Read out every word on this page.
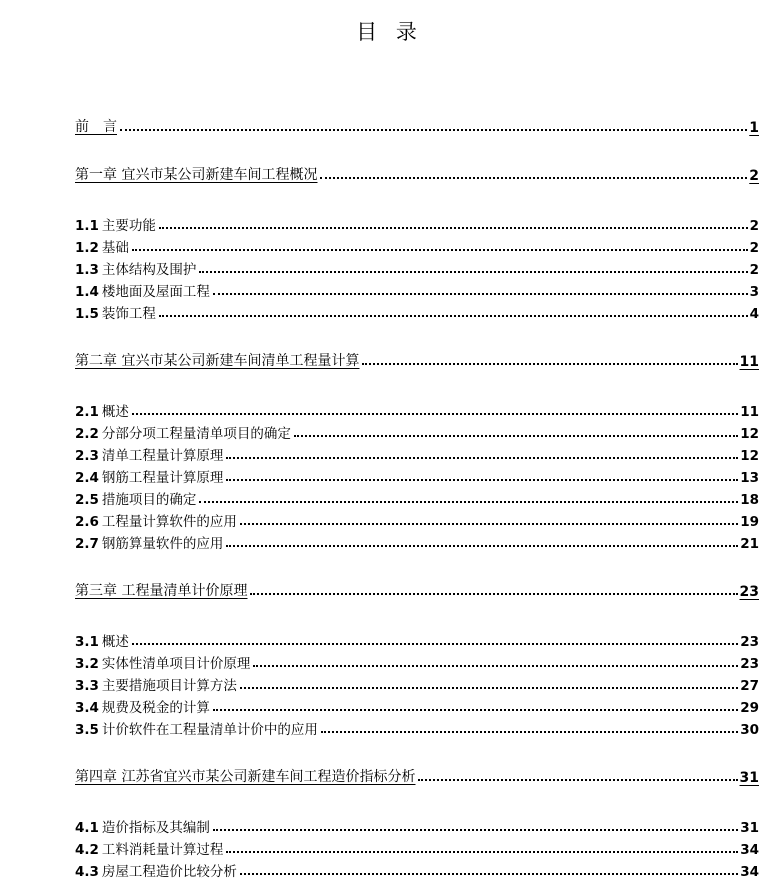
目 录
前　言	1
第一章 宜兴市某公司新建车间工程概况	2
1.1 主要功能	2
1.2 基础	2
1.3 主体结构及围护	2
1.4 楼地面及屋面工程	3
1.5 装饰工程	4
第二章 宜兴市某公司新建车间清单工程量计算	11
2.1 概述	11
2.2 分部分项工程量清单项目的确定	12
2.3 清单工程量计算原理	12
2.4 钢筋工程量计算原理	13
2.5 措施项目的确定	18
2.6 工程量计算软件的应用	19
2.7 钢筋算量软件的应用	21
第三章 工程量清单计价原理	23
3.1 概述	23
3.2 实体性清单项目计价原理	23
3.3 主要措施项目计算方法	27
3.4 规费及税金的计算	29
3.5 计价软件在工程量清单计价中的应用	30
第四章 江苏省宜兴市某公司新建车间工程造价指标分析	31
4.1 造价指标及其编制	31
4.2 工料消耗量计算过程	34
4.3 房屋工程造价比较分析	34
